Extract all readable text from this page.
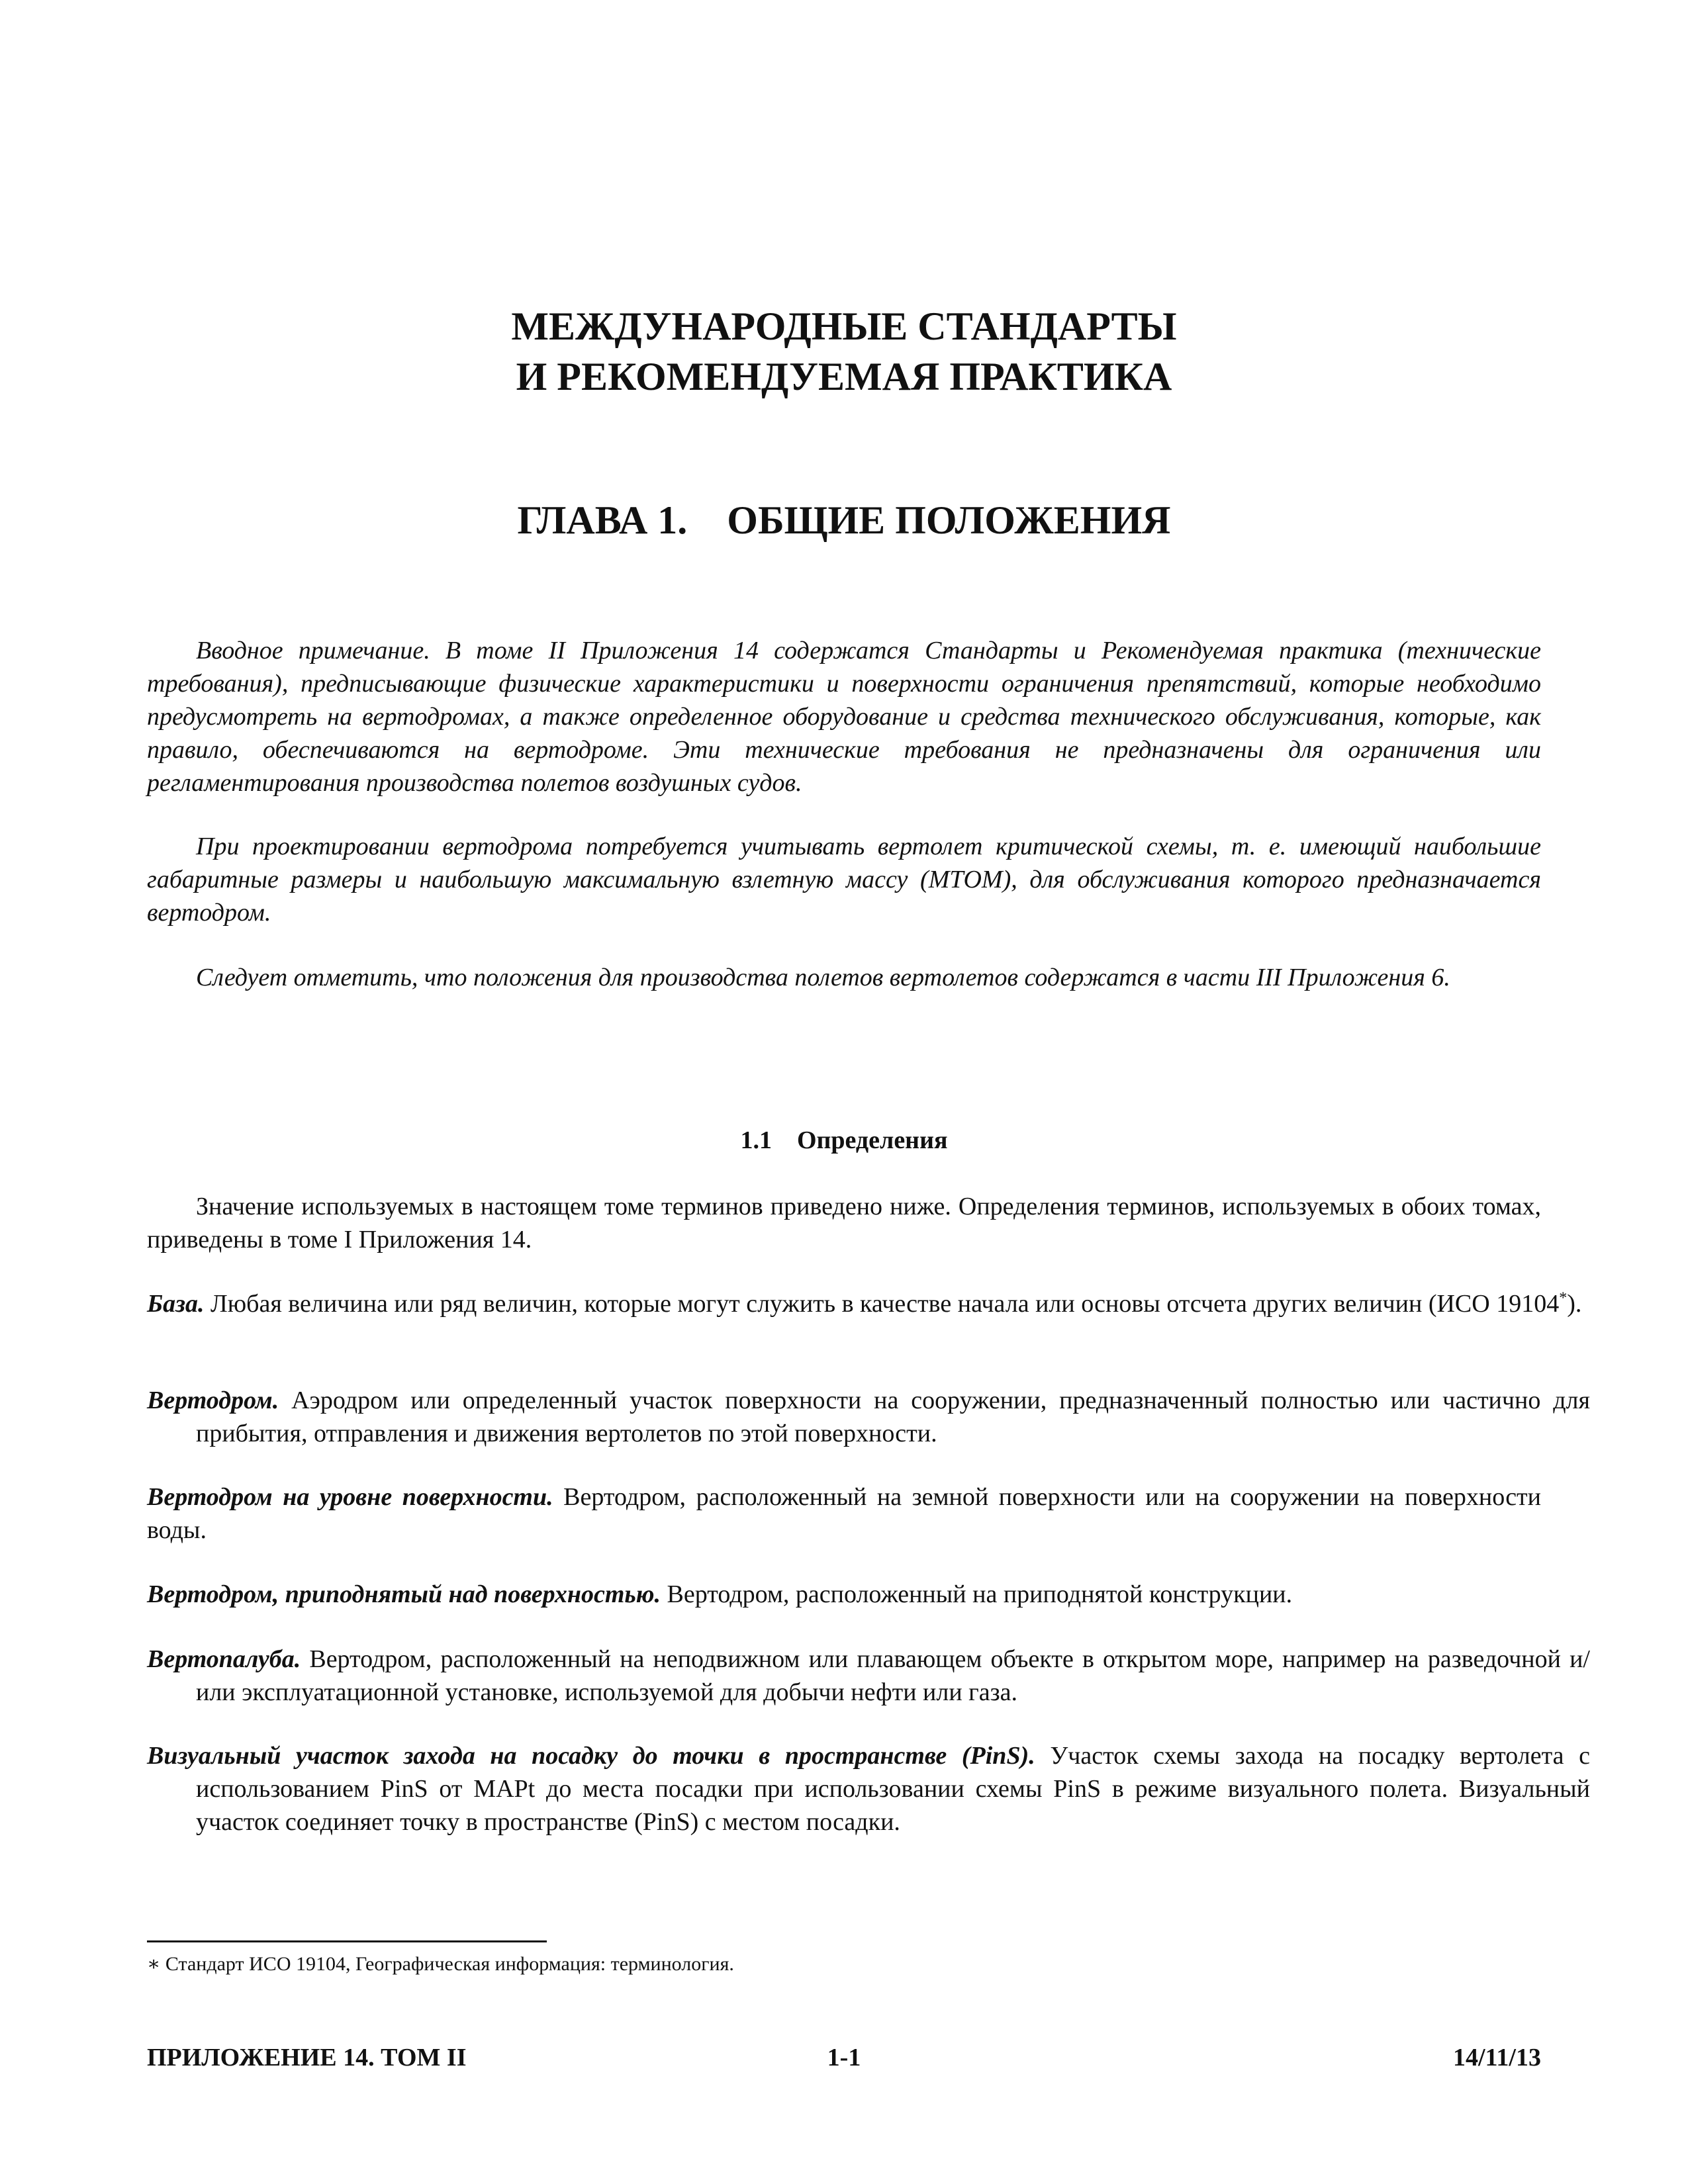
МЕЖДУНАРОДНЫЕ СТАНДАРТЫ
И РЕКОМЕНДУЕМАЯ ПРАКТИКА
ГЛАВА 1.    ОБЩИЕ ПОЛОЖЕНИЯ
Вводное примечание. В томе II Приложения 14 содержатся Стандарты и Рекомендуемая практика (технические требования), предписывающие физические характеристики и поверхности ограничения препятствий, которые необходимо предусмотреть на вертодромах, а также определенное оборудование и средства технического обслуживания, которые, как правило, обеспечиваются на вертодроме. Эти технические требования не предназначены для ограничения или регламентирования производства полетов воздушных судов.
При проектировании вертодрома потребуется учитывать вертолет критической схемы, т. е. имеющий наибольшие габаритные размеры и наибольшую максимальную взлетную массу (МТОМ), для обслуживания которого предназначается вертодром.
Следует отметить, что положения для производства полетов вертолетов содержатся в части III Приложения 6.
1.1    Определения
Значение используемых в настоящем томе терминов приведено ниже. Определения терминов, используемых в обоих томах, приведены в томе I Приложения 14.
База. Любая величина или ряд величин, которые могут служить в качестве начала или основы отсчета других величин (ИСО 19104*).
Вертодром. Аэродром или определенный участок поверхности на сооружении, предназначенный полностью или частично для прибытия, отправления и движения вертолетов по этой поверхности.
Вертодром на уровне поверхности. Вертодром, расположенный на земной поверхности или на сооружении на поверхности воды.
Вертодром, приподнятый над поверхностью. Вертодром, расположенный на приподнятой конструкции.
Вертопалуба. Вертодром, расположенный на неподвижном или плавающем объекте в открытом море, например на разведочной и/или эксплуатационной установке, используемой для добычи нефти или газа.
Визуальный участок захода на посадку до точки в пространстве (PinS). Участок схемы захода на посадку вертолета с использованием PinS от MAPt до места посадки при использовании схемы PinS в режиме визуального полета. Визуальный участок соединяет точку в пространстве (PinS) с местом посадки.
∗ Стандарт ИСО 19104, Географическая информация: терминология.
ПРИЛОЖЕНИЕ 14. ТОМ II	1-1	14/11/13
